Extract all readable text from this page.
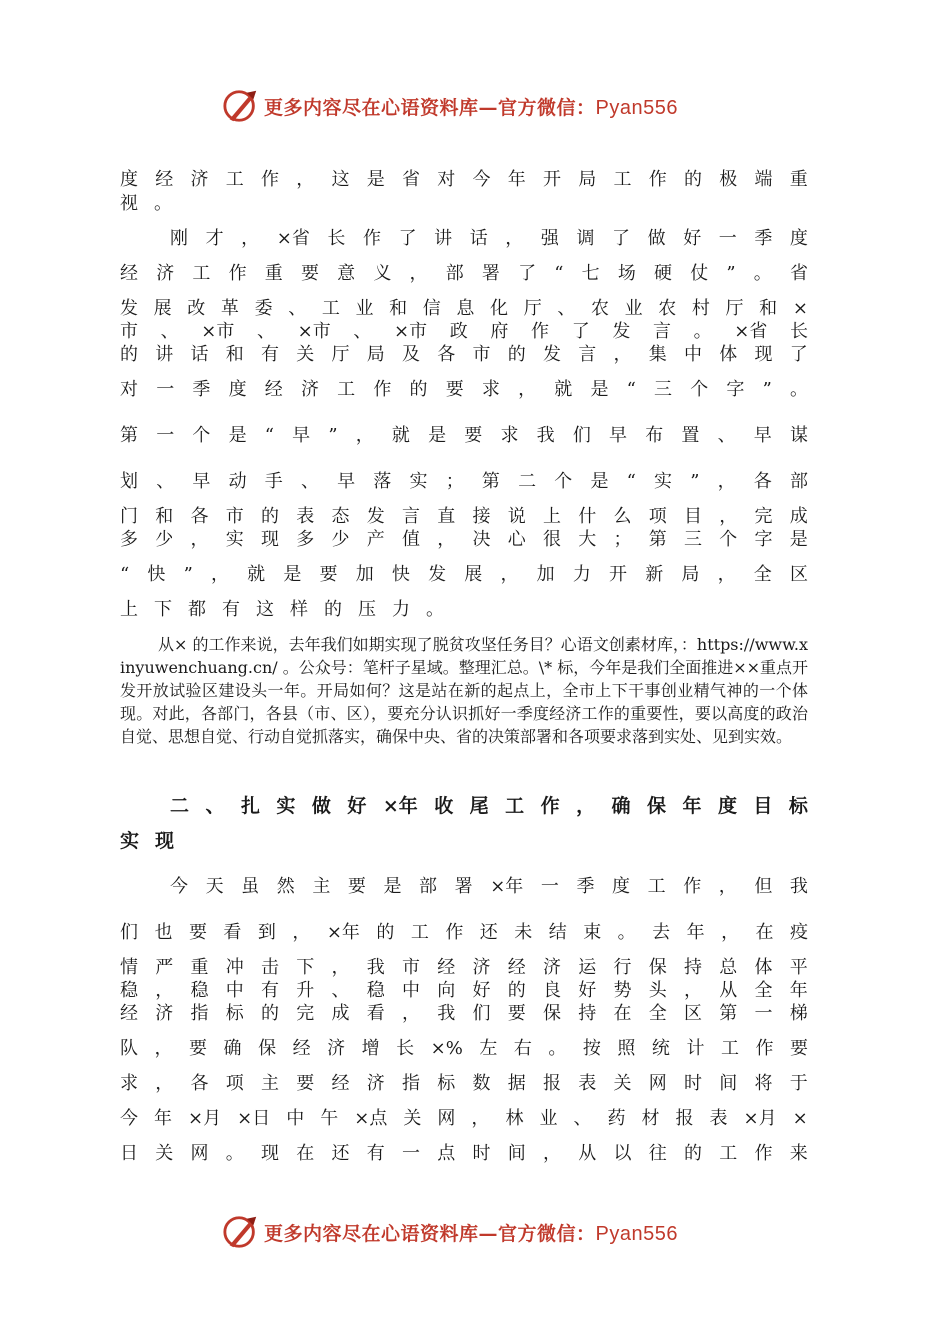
更多内容尽在心语资料库—官方微信：Pyan556
度 经 济 工 作 ， 这 是 省 对 今 年 开 局 工 作 的 极 端 重
视 。
刚 才 ， ×省 长 作 了 讲 话 ， 强 调 了 做 好 一 季 度
经 济 工 作 重 要 意 义 ， 部 署 了 “ 七 场 硬 仗 ” 。 省
发 展 改 革 委 、 工 业 和 信 息 化 厅 、 农 业 农 村 厅 和 ×
市 、 ×市 、 ×市 、 ×市 政 府 作 了 发 言 。 ×省 长
的 讲 话 和 有 关 厅 局 及 各 市 的 发 言 ， 集 中 体 现 了
对 一 季 度 经 济 工 作 的 要 求 ， 就 是 “ 三 个 字 ” 。
第 一 个 是 “ 早 ” ， 就 是 要 求 我 们 早 布 置 、 早 谋
划 、 早 动 手 、 早 落 实 ； 第 二 个 是 “ 实 ” ， 各 部
门 和 各 市 的 表 态 发 言 直 接 说 上 什 么 项 目 ， 完 成
多 少 ， 实 现 多 少 产 值 ， 决 心 很 大 ； 第 三 个 字 是
“ 快 ” ， 就 是 要 加 快 发 展 ， 加 力 开 新 局 ， 全 区
上 下 都 有 这 样 的 压 力 。

从× 的工作来说，去年我们如期实现了脱贫攻坚任务目？心语文创素材库，：https://www.xinyuwenchuang.cn/ 。公众号：笔杆子星域。整理汇总。\* 标，今年是我们全面推进××重点开发开放试验区建设头一年。开局如何？这是站在新的起点上，全市上下干事创业精气神的一个体现。对此，各部门，各县（市、区），要充分认识抓好一季度经济工作的重要性，要以高度的政治自觉、思想自觉、行动自觉抓落实，确保中央、省的决策部署和各项要求落到实处、见到实效。

二 、 扎 实 做 好 ×年 收 尾 工 作 ， 确 保 年 度 目 标
实 现
今 天 虽 然 主 要 是 部 署 ×年 一 季 度 工 作 ， 但 我
们 也 要 看 到 ， ×年 的 工 作 还 未 结 束 。 去 年 ， 在 疫
情 严 重 冲 击 下 ， 我 市 经 济 经 济 运 行 保 持 总 体 平
稳 ， 稳 中 有 升 、 稳 中 向 好 的 良 好 势 头 ， 从 全 年
经 济 指 标 的 完 成 看 ， 我 们 要 保 持 在 全 区 第 一 梯
队 ， 要 确 保 经 济 增 长 ×% 左 右 。 按 照 统 计 工 作 要
求 ， 各 项 主 要 经 济 指 标 数 据 报 表 关 网 时 间 将 于
今 年 ×月 ×日 中 午 ×点 关 网 ， 林 业 、 药 材 报 表 ×月 ×
日 关 网 。 现 在 还 有 一 点 时 间 ， 从 以 往 的 工 作 来
更多内容尽在心语资料库—官方微信：Pyan556
